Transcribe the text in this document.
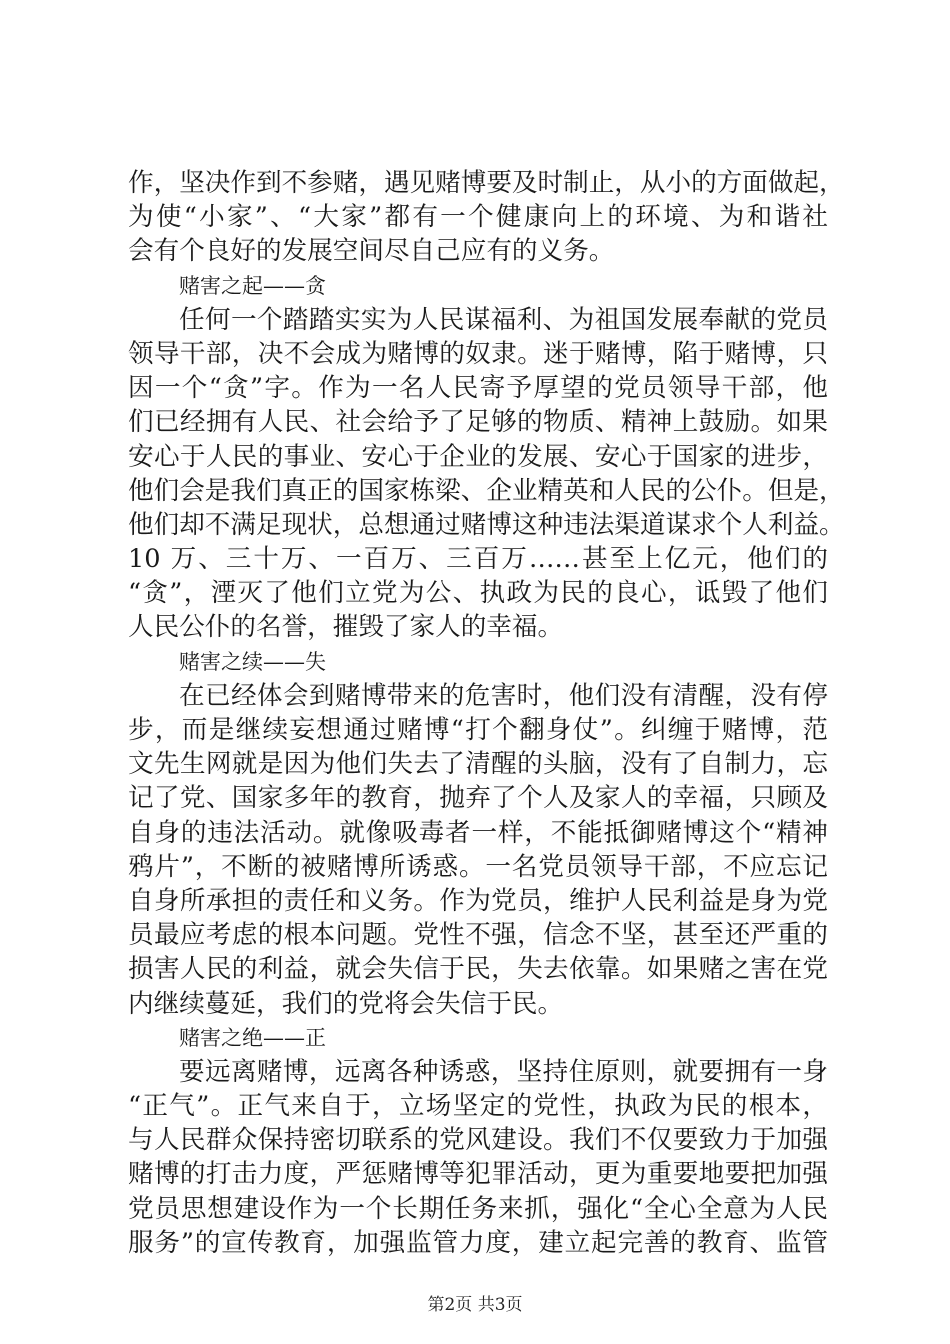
作，坚决作到不参赌，遇见赌博要及时制止，从小的方面做起，
为使“小家”、“大家”都有一个健康向上的环境、为和谐社
会有个良好的发展空间尽自己应有的义务。
赌害之起——贪
任何一个踏踏实实为人民谋福利、为祖国发展奉献的党员
领导干部，决不会成为赌博的奴隶。迷于赌博，陷于赌博，只
因一个“贪”字。作为一名人民寄予厚望的党员领导干部，他
们已经拥有人民、社会给予了足够的物质、精神上鼓励。如果
安心于人民的事业、安心于企业的发展、安心于国家的进步，
他们会是我们真正的国家栋梁、企业精英和人民的公仆。但是，
他们却不满足现状，总想通过赌博这种违法渠道谋求个人利益。
10 万、三十万、一百万、三百万……甚至上亿元，他们的
“贪”，湮灭了他们立党为公、执政为民的良心，诋毁了他们
人民公仆的名誉，摧毁了家人的幸福。
赌害之续——失
在已经体会到赌博带来的危害时，他们没有清醒，没有停
步，而是继续妄想通过赌博“打个翻身仗”。纠缠于赌博，范
文先生网就是因为他们失去了清醒的头脑，没有了自制力，忘
记了党、国家多年的教育，抛弃了个人及家人的幸福，只顾及
自身的违法活动。就像吸毒者一样，不能抵御赌博这个“精神
鸦片”，不断的被赌博所诱惑。一名党员领导干部，不应忘记
自身所承担的责任和义务。作为党员，维护人民利益是身为党
员最应考虑的根本问题。党性不强，信念不坚，甚至还严重的
损害人民的利益，就会失信于民，失去依靠。如果赌之害在党
内继续蔓延，我们的党将会失信于民。
赌害之绝——正
要远离赌博，远离各种诱惑，坚持住原则，就要拥有一身
“正气”。正气来自于，立场坚定的党性，执政为民的根本，
与人民群众保持密切联系的党风建设。我们不仅要致力于加强
赌博的打击力度，严惩赌博等犯罪活动，更为重要地要把加强
党员思想建设作为一个长期任务来抓，强化“全心全意为人民
服务”的宣传教育，加强监管力度，建立起完善的教育、监管
第2页 共3页
